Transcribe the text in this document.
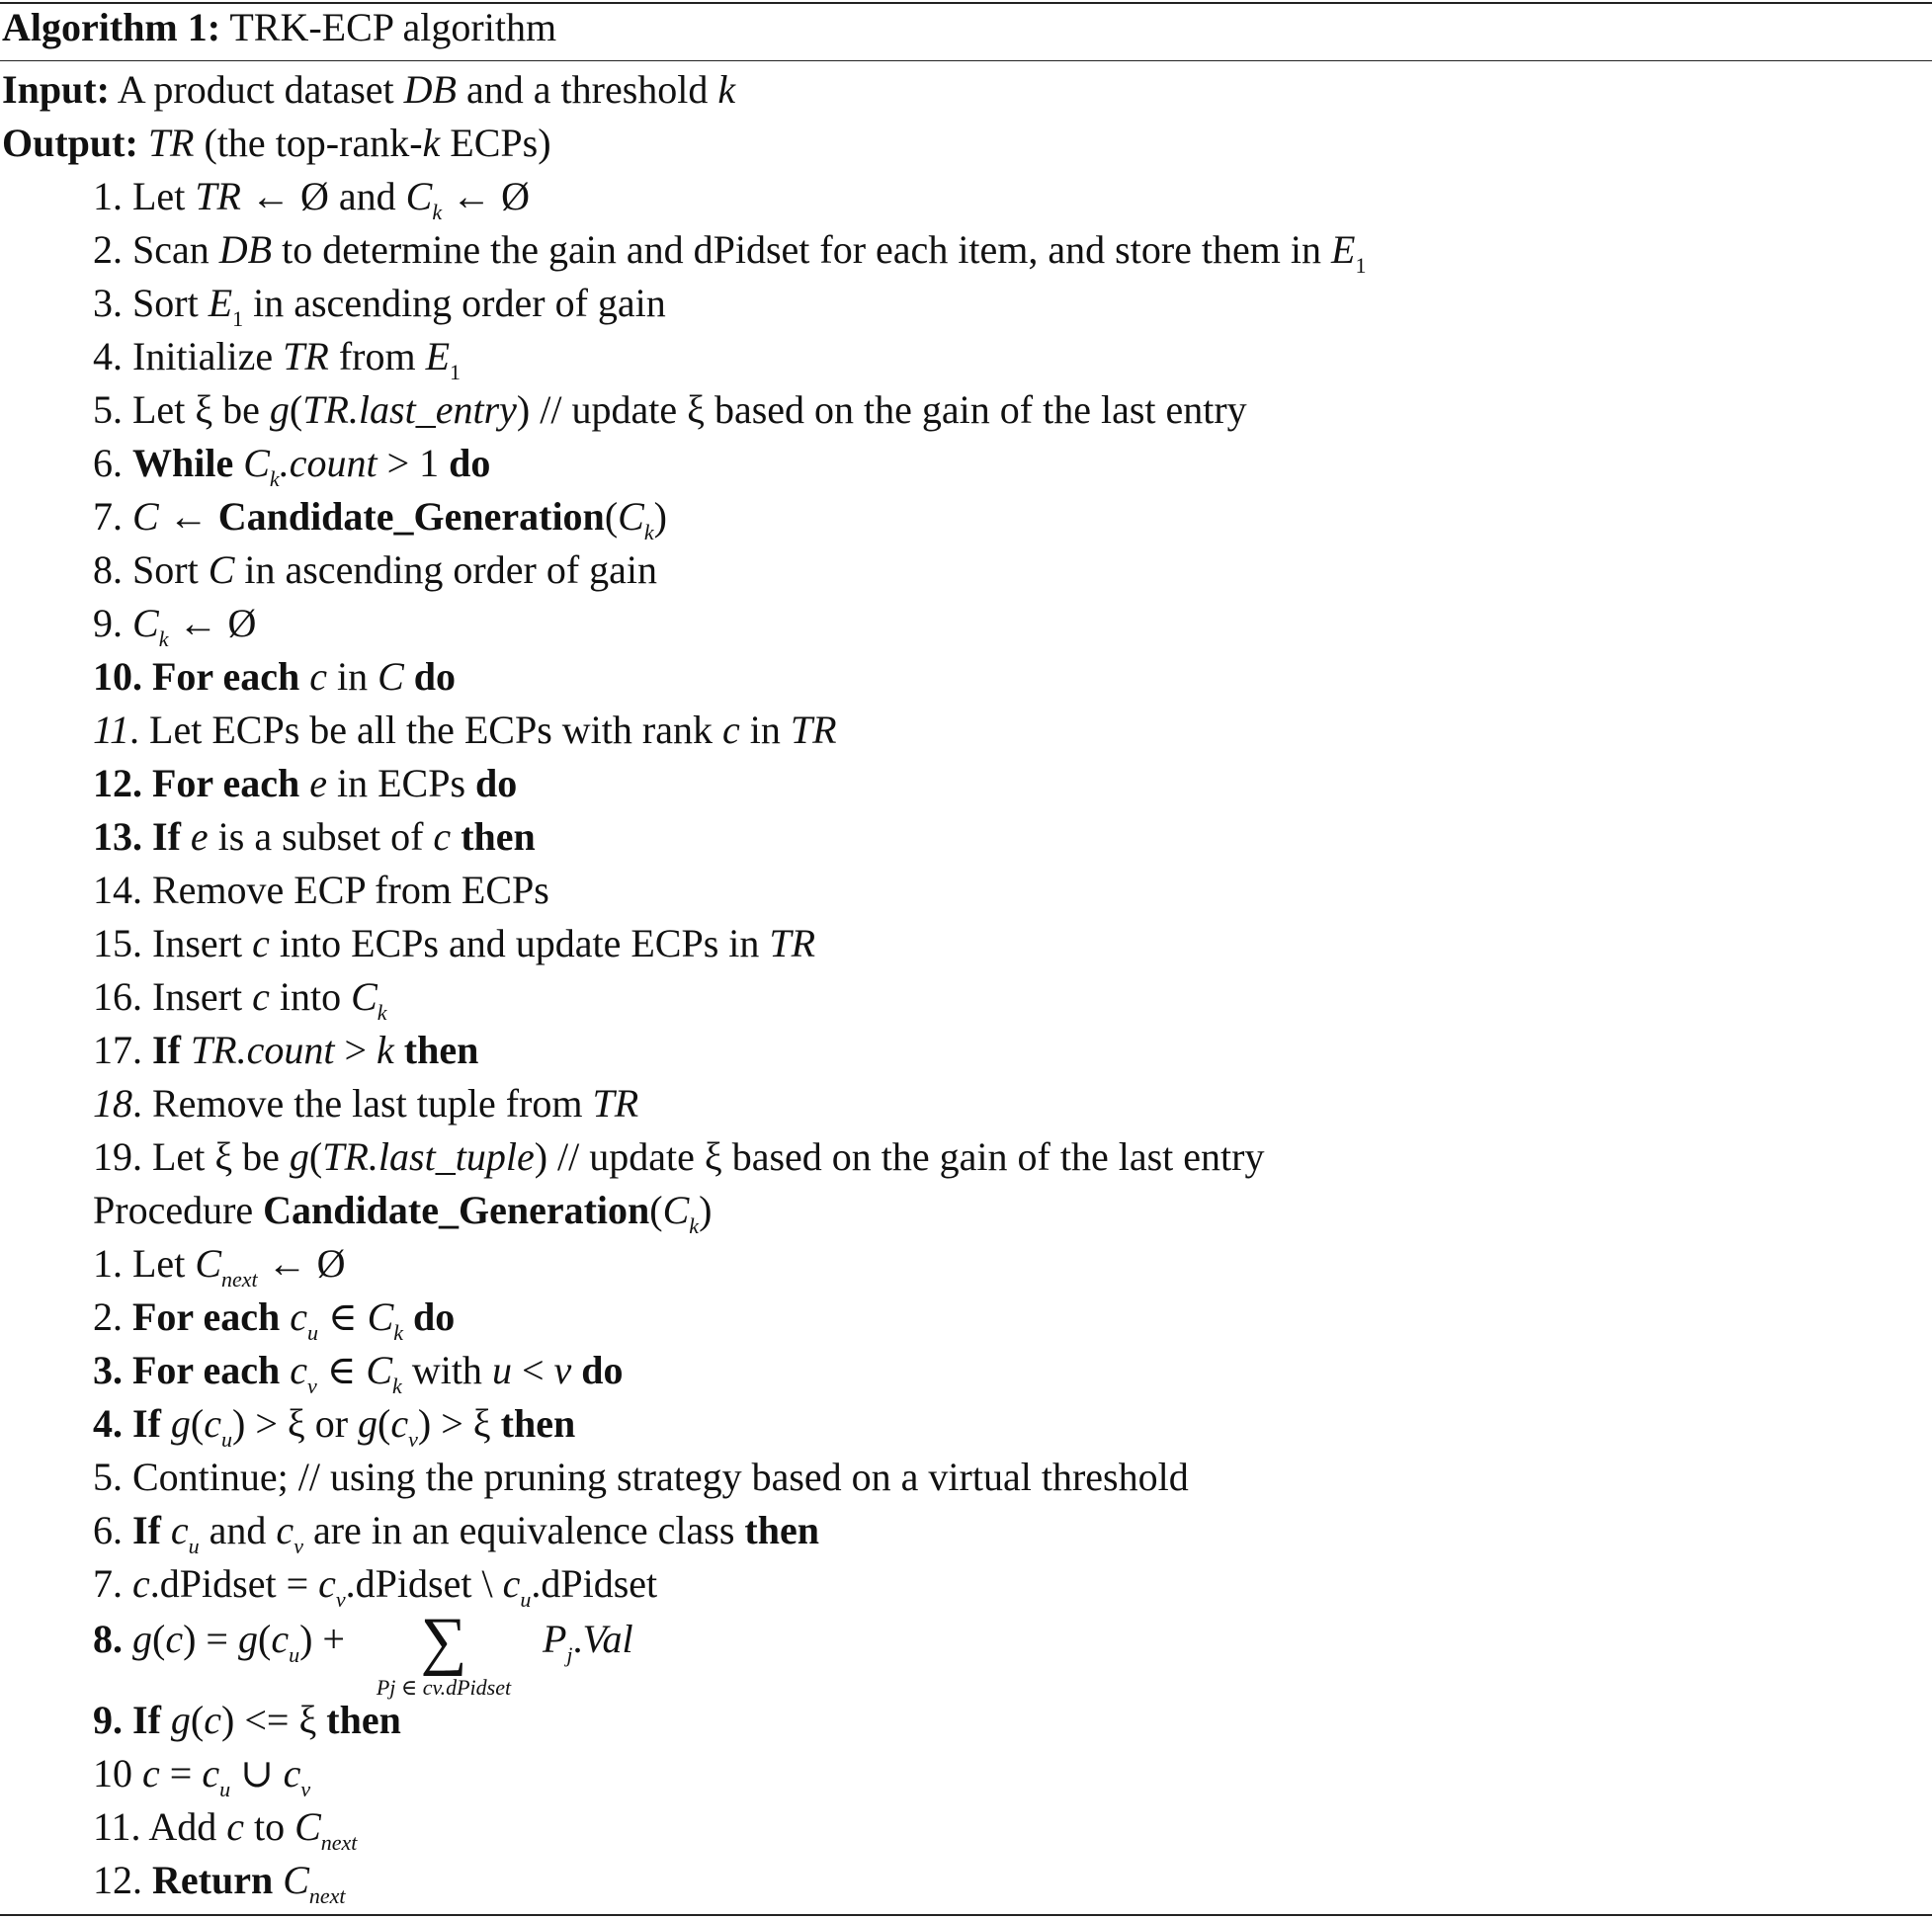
Algorithm 1: TRK-ECP algorithm
Input: A product dataset DB and a threshold k
Output: TR (the top-rank-k ECPs)
1. Let TR ← Ø and $C_k$ ← Ø
2. Scan DB to determine the gain and dPidset for each item, and store them in $E_1$
3. Sort $E_1$ in ascending order of gain
4. Initialize TR from $E_1$
5. Let ξ be g(TR.last_entry) // update ξ based on the gain of the last entry
6. While $C_k.count > 1$ do
7. C ← $Candidate\_Generation(C_k)$
8. Sort C in ascending order of gain
9. $C_k$ ← Ø
10. For each c in C do
11. Let ECPs be all the ECPs with rank c in TR
12. For each e in ECPs do
13. If e is a subset of c then
14. Remove ECP from ECPs
15. Insert c into ECPs and update ECPs in TR
16. Insert c into $C_k$
17. If TR.count > k then
18. Remove the last tuple from TR
19. Let ξ be g(TR.last_tuple) // update ξ based on the gain of the last entry
Procedure $Candidate\_Generation(C_k)$
1. Let $C_{next}$ ← Ø
2. For each $c_u$ ∈ $C_k$ do
3. For each $c_v$ ∈ $C_k$ with u < v do
4. If $g(c_u) > \xi$ or $g(c_v) > \xi$ then
5. Continue; // using the pruning strategy based on a virtual threshold
6. If $c_u$ and $c_v$ are in an equivalence class then
7. c.dPidset = $c_v.dPidset$ \ $c_u.dPidset$
8. $g(c) = g(c_u)$ + ∑
Pj ∈ cv.dPidset
$P_j.Val$
9. If g(c) <= ξ then
10 $c = c_u$ ∪ $c_v$
11. Add c to $C_{next}$
12. Return $C_{next}$
